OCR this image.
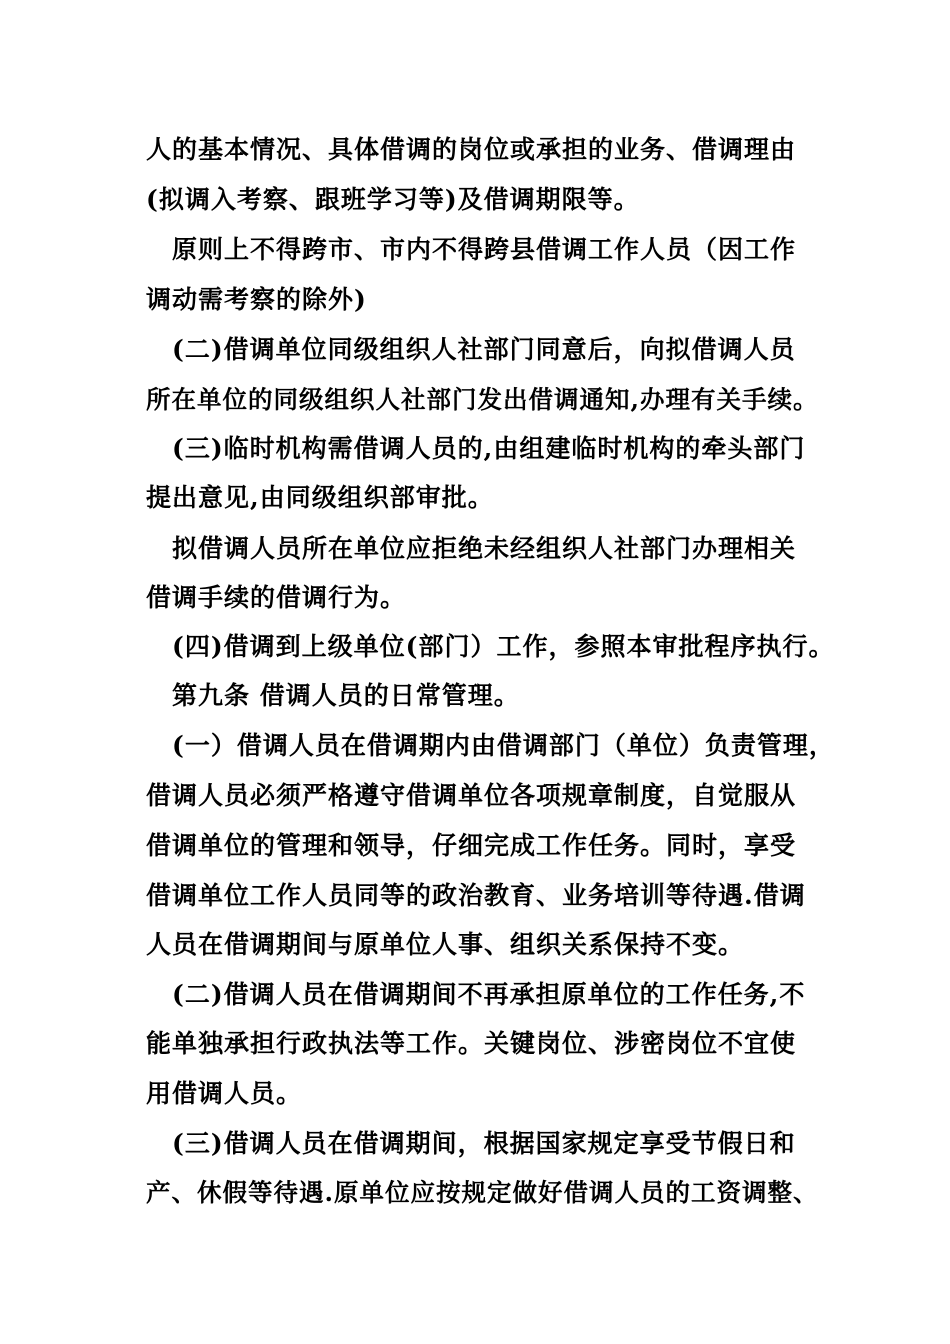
人的基本情况、具体借调的岗位或承担的业务、借调理由
(拟调入考察、跟班学习等)及借调期限等。
原则上不得跨市、市内不得跨县借调工作人员（因工作
调动需考察的除外)
(二)借调单位同级组织人社部门同意后，向拟借调人员
所在单位的同级组织人社部门发出借调通知,办理有关手续。
(三)临时机构需借调人员的,由组建临时机构的牵头部门
提出意见,由同级组织部审批。
拟借调人员所在单位应拒绝未经组织人社部门办理相关
借调手续的借调行为。
(四)借调到上级单位(部门）工作，参照本审批程序执行。
第九条 借调人员的日常管理。
(一）借调人员在借调期内由借调部门（单位）负责管理，
借调人员必须严格遵守借调单位各项规章制度，自觉服从
借调单位的管理和领导，仔细完成工作任务。同时，享受
借调单位工作人员同等的政治教育、业务培训等待遇.借调
人员在借调期间与原单位人事、组织关系保持不变。
(二)借调人员在借调期间不再承担原单位的工作任务,不
能单独承担行政执法等工作。关键岗位、涉密岗位不宜使
用借调人员。
(三)借调人员在借调期间，根据国家规定享受节假日和
产、休假等待遇.原单位应按规定做好借调人员的工资调整、
